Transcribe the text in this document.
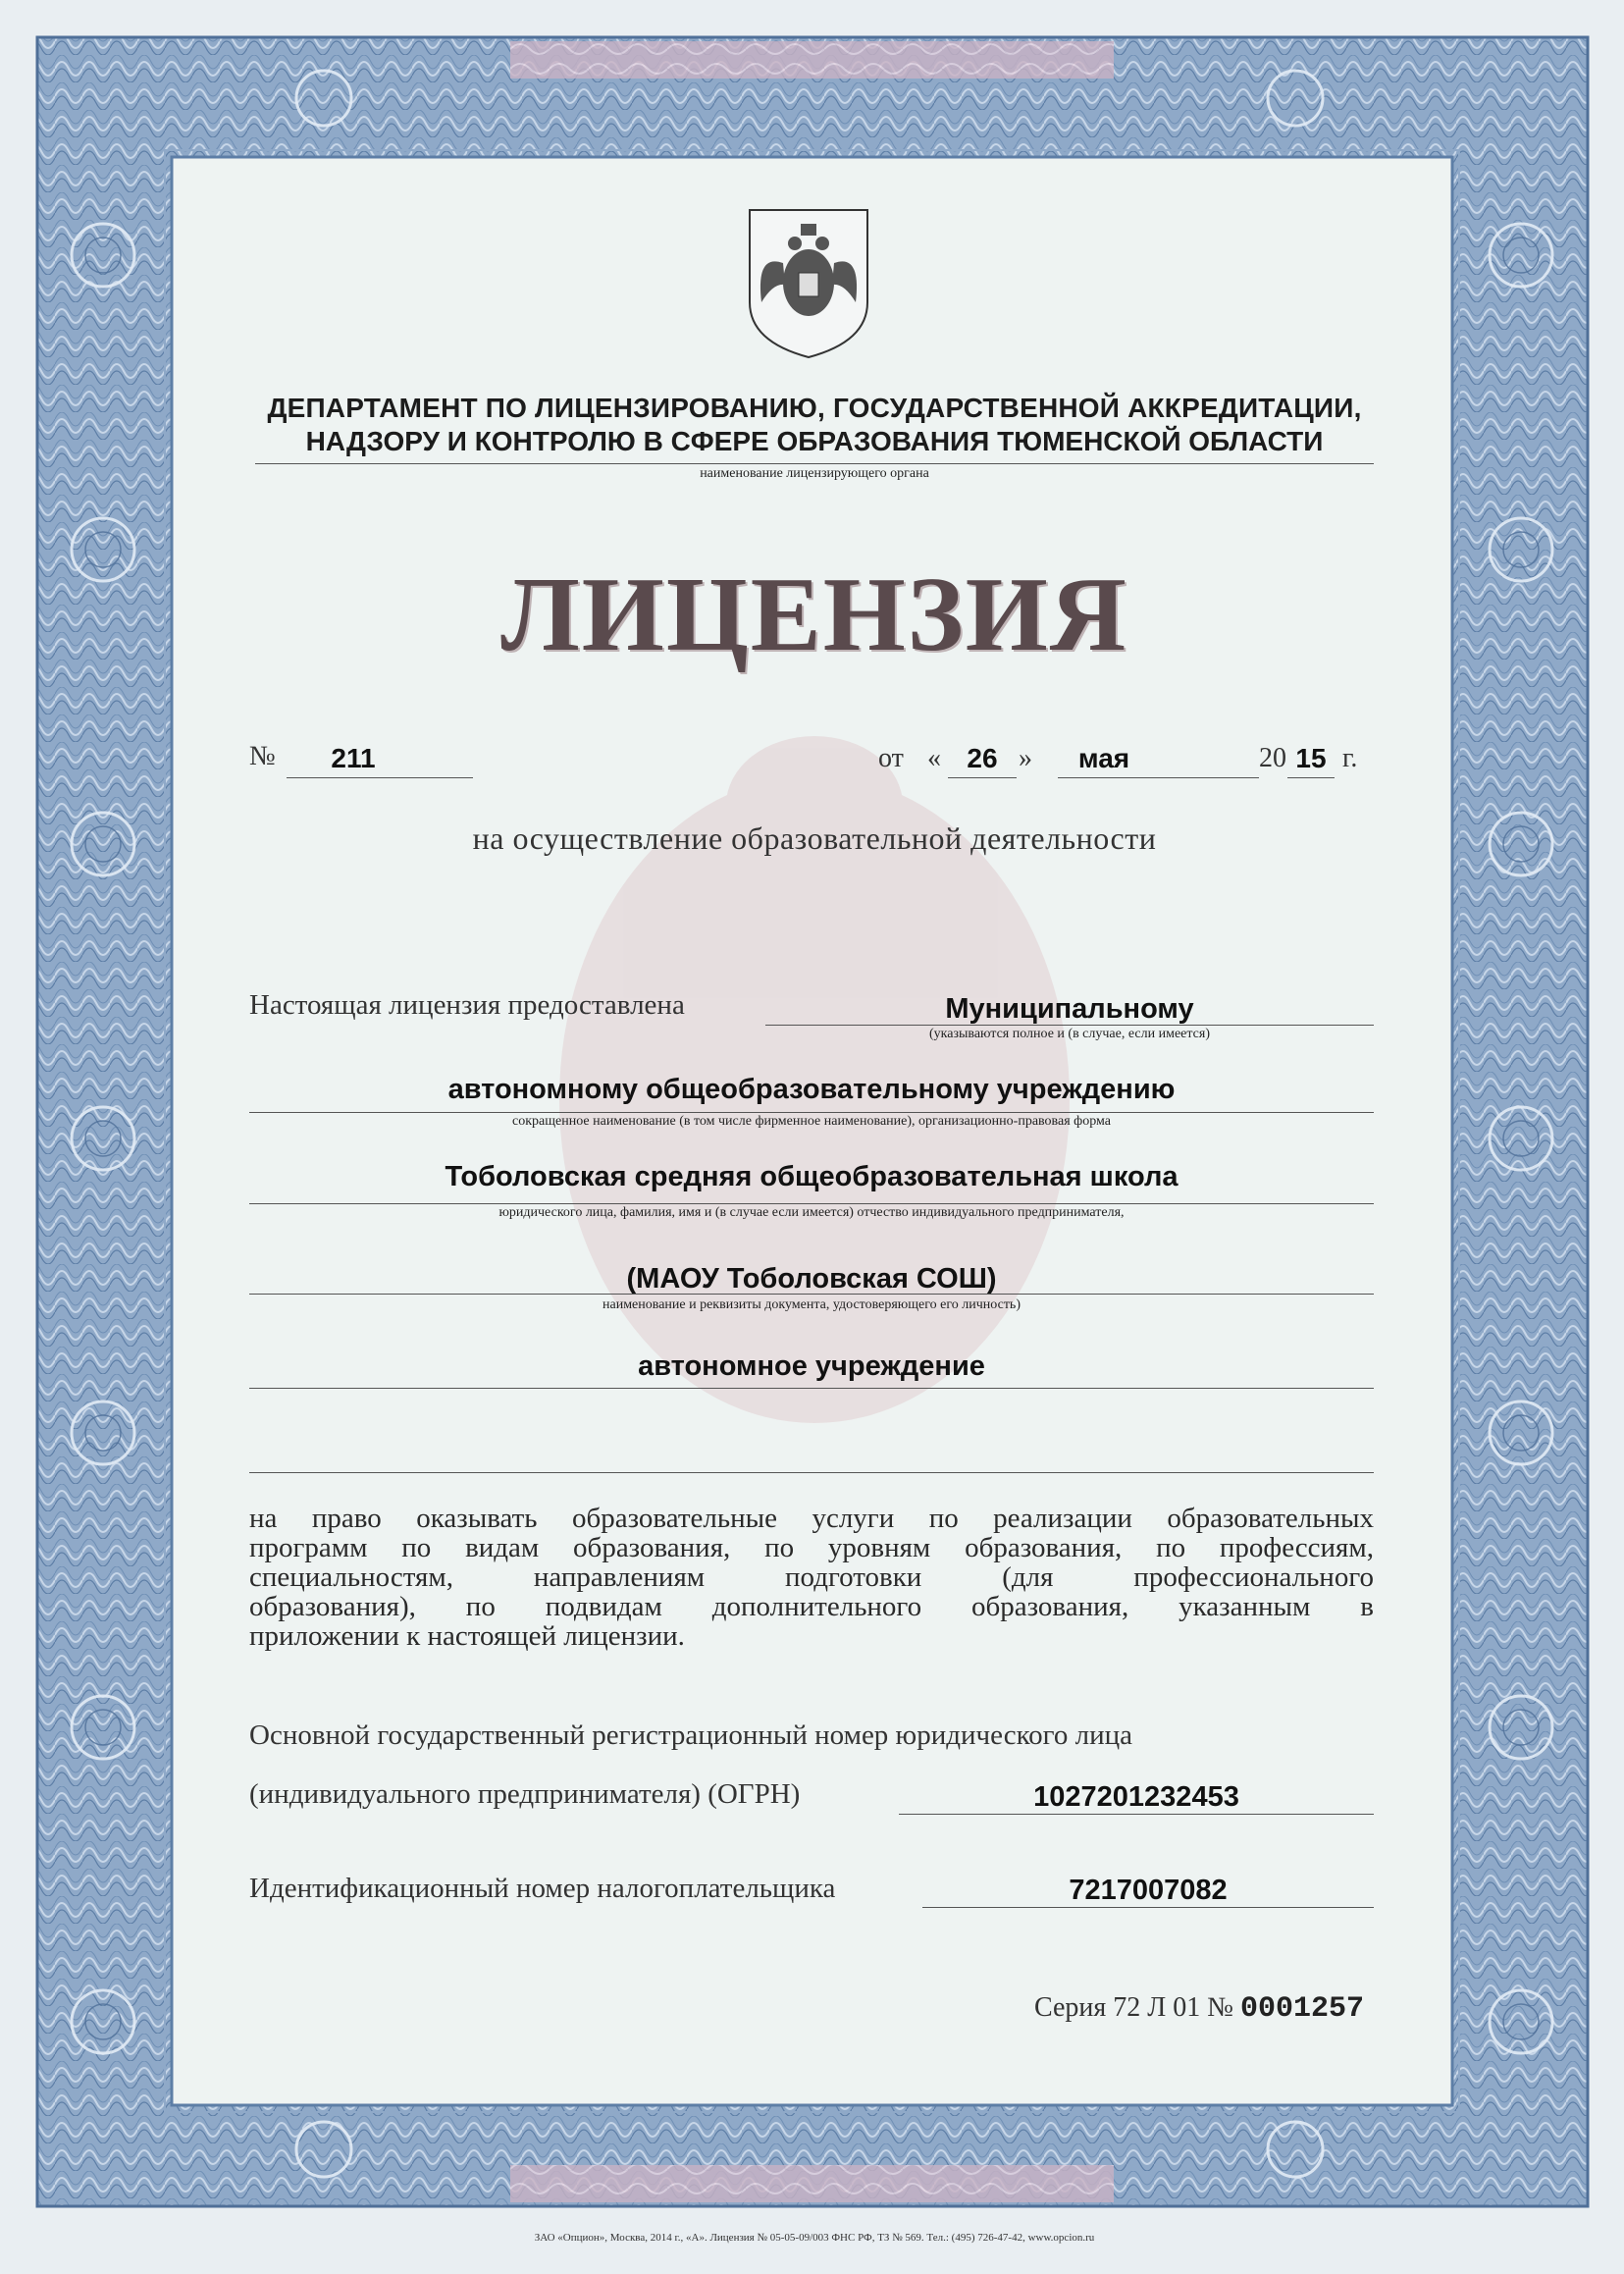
ДЕПАРТАМЕНТ ПО ЛИЦЕНЗИРОВАНИЮ, ГОСУДАРСТВЕННОЙ АККРЕДИТАЦИИ,
НАДЗОРУ И КОНТРОЛЮ В СФЕРЕ ОБРАЗОВАНИЯ ТЮМЕНСКОЙ ОБЛАСТИ
наименование лицензирующего органа
ЛИЦЕНЗИЯ
№	211	от « 26 »	мая	20 15 г.
на осуществление образовательной деятельности
Настоящая лицензия предоставлена	Муниципальному
(указываются полное и (в случае, если имеется)
автономному общеобразовательному учреждению
сокращенное наименование (в том числе фирменное наименование), организационно-правовая форма
Тоболовская средняя общеобразовательная школа
юридического лица, фамилия, имя и (в случае если имеется) отчество индивидуального предпринимателя,
(МАОУ Тоболовская СОШ)
наименование и реквизиты документа, удостоверяющего его личность)
автономное учреждение
на право оказывать образовательные услуги по реализации образовательных
программ по видам образования, по уровням образования, по профессиям,
специальностям, направлениям подготовки (для профессионального
образования), по подвидам дополнительного образования, указанным в
приложении к настоящей лицензии.
Основной государственный регистрационный номер юридического лица
(индивидуального предпринимателя) (ОГРН)	1027201232453
Идентификационный номер налогоплательщика	7217007082
Серия 72 Л 01 № 0001257
ЗАО «Опцион», Москва, 2014 г., «А». Лицензия № 05-05-09/003 ФНС РФ, ТЗ № 569. Тел.: (495) 726-47-42, www.opcion.ru
